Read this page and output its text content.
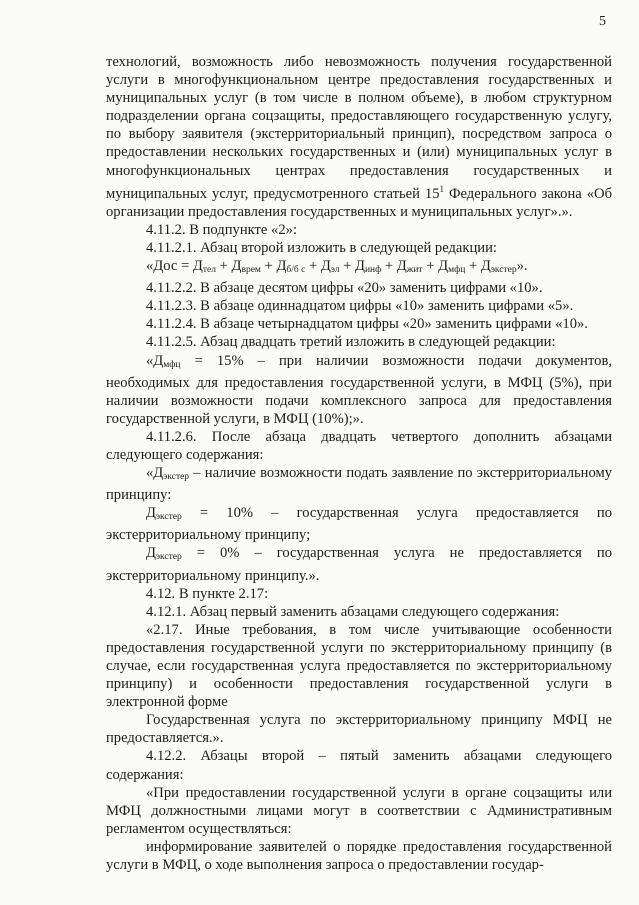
5

технологий, возможность либо невозможность получения государственной услуги в многофункциональном центре предоставления государственных и муниципальных услуг (в том числе в полном объеме), в любом структурном подразделении органа соцзащиты, предоставляющего государственную услугу, по выбору заявителя (экстерриториальный принцип), посредством запроса о предоставлении нескольких государственных и (или) муниципальных услуг в многофункциональных центрах предоставления государственных и муниципальных услуг, предусмотренного статьей $15^1$ Федерального закона «Об организации предоставления государственных и муниципальных услуг».».

4.11.2. В подпункте «2»:

4.11.2.1. Абзац второй изложить в следующей редакции:

«Дос = $Д_{тел} + Д_{врем} + Д_{б/б с} + Д_{эл} + Д_{инф} + Д_{жит} + Д_{мфц} + Д_{экстер}$».

4.11.2.2. В абзаце десятом цифры «20» заменить цифрами «10».

4.11.2.3. В абзаце одиннадцатом цифры «10» заменить цифрами «5».

4.11.2.4. В абзаце четырнадцатом цифры «20» заменить цифрами «10».

4.11.2.5. Абзац двадцать третий изложить в следующей редакции:

«$Д_{мфц} = 15\%$ – при наличии возможности подачи документов, необходимых для предоставления государственной услуги, в МФЦ (5%), при наличии возможности подачи комплексного запроса для предоставления государственной услуги, в МФЦ (10%);».

4.11.2.6. После абзаца двадцать четвертого дополнить абзацами следующего содержания:

«$Д_{экстер}$ – наличие возможности подать заявление по экстерриториальному принципу:

$Д_{экстер} = 10\%$ – государственная услуга предоставляется по экстерриториальному принципу;

$Д_{экстер} = 0\%$ – государственная услуга не предоставляется по экстерриториальному принципу.».

4.12. В пункте 2.17:

4.12.1. Абзац первый заменить абзацами следующего содержания:

«2.17. Иные требования, в том числе учитывающие особенности предоставления государственной услуги по экстерриториальному принципу (в случае, если государственная услуга предоставляется по экстерриториальному принципу) и особенности предоставления государственной услуги в электронной форме

Государственная услуга по экстерриториальному принципу МФЦ не предоставляется.».

4.12.2. Абзацы второй – пятый заменить абзацами следующего содержания:

«При предоставлении государственной услуги в органе соцзащиты или МФЦ должностными лицами могут в соответствии с Административным регламентом осуществляться:

информирование заявителей о порядке предоставления государственной услуги в МФЦ, о ходе выполнения запроса о предоставлении государ-
